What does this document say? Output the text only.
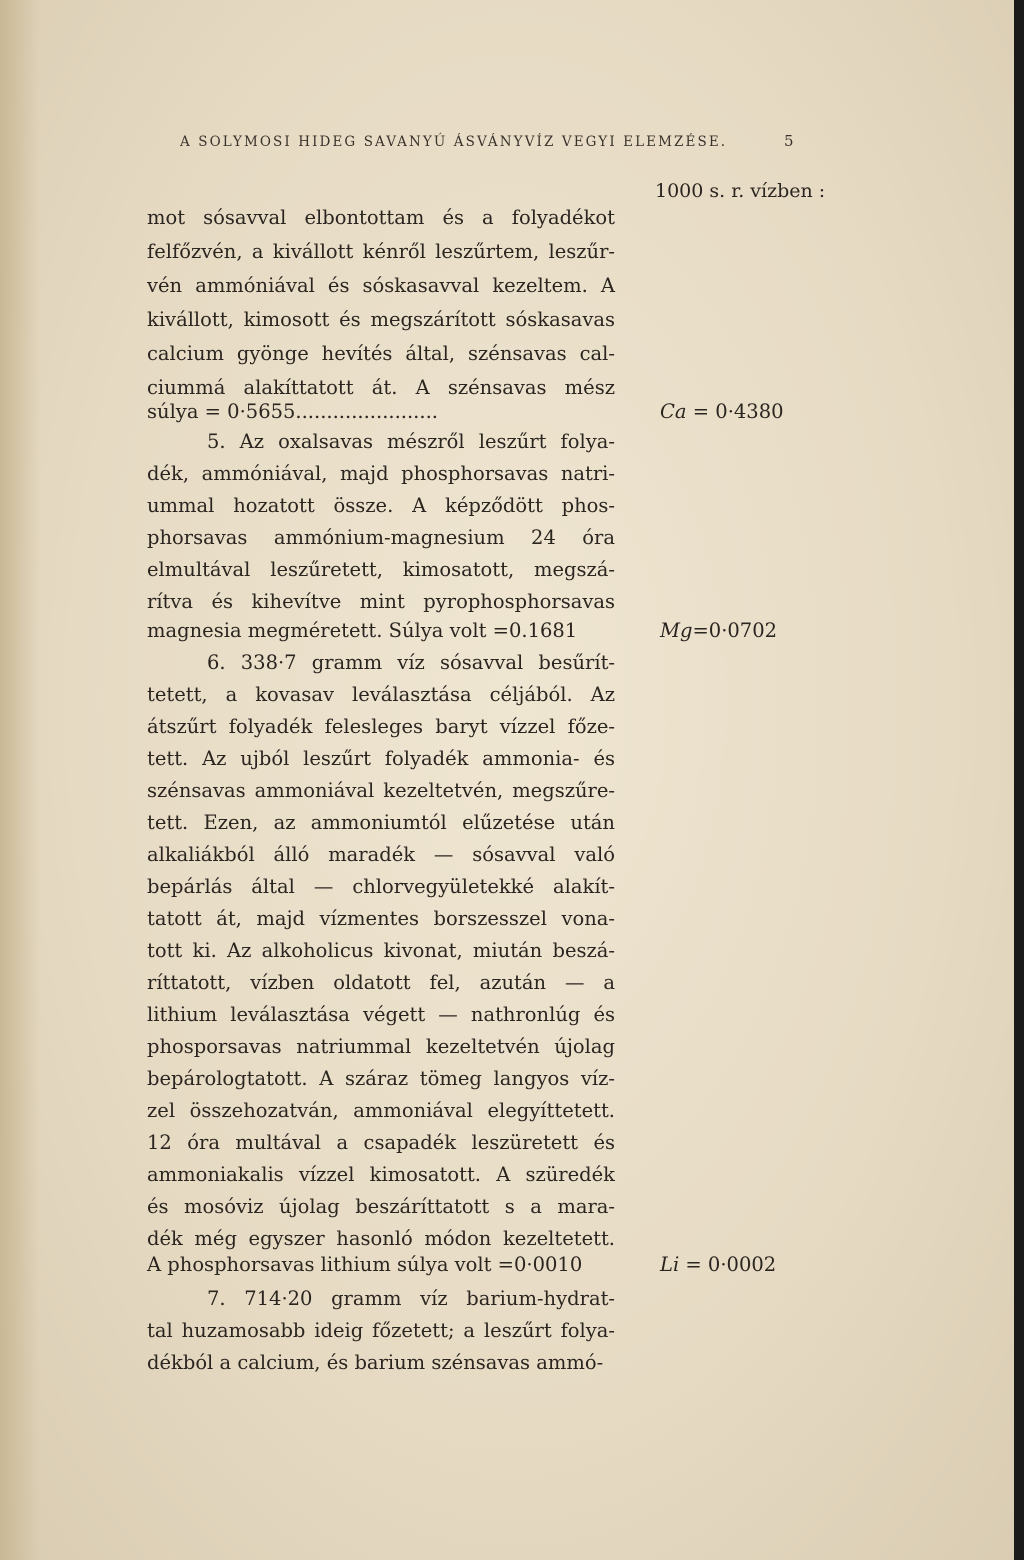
A SOLYMOSI HIDEG SAVANYÚ ÁSVÁNYVÍZ VEGYI ELEMZÉSE.	5
1000 s. r. vízben :
mot sósavval elbontottam és a folyadékot
felfőzvén, a kivállott kénről leszűrtem, leszűr-
vén ammóniával és sóskasavval kezeltem. A
kivállott, kimosott és megszárított sóskasavas
calcium gyönge hevítés által, szénsavas cal-
ciummá alakíttatott át. A szénsavas mész
súlya = 0·5655.......................
5. Az oxalsavas mészről leszűrt folya-
dék, ammóniával, majd phosphorsavas natri-
ummal hozatott össze. A képződött phos-
phorsavas ammónium-magnesium 24 óra
elmultával leszűretett, kimosatott, megszá-
rítva és kihevítve mint pyrophosphorsavas
magnesia megméretett. Súlya volt =0.1681
6. 338·7 gramm víz sósavval besűrít-
tetett, a kovasav leválasztása céljából. Az
átszűrt folyadék felesleges baryt vízzel főze-
tett. Az ujból leszűrt folyadék ammonia- és
szénsavas ammoniával kezeltetvén, megszűre-
tett. Ezen, az ammoniumtól elűzetése után
alkaliákból álló maradék — sósavval való
bepárlás által — chlorvegyületekké alakít-
tatott át, majd vízmentes borszesszel vona-
tott ki. Az alkoholicus kivonat, miután beszá-
ríttatott, vízben oldatott fel, azután — a
lithium leválasztása végett — nathronlúg és
phosporsavas natriummal kezeltetvén újolag
bepárologtatott. A száraz tömeg langyos víz-
zel összehozatván, ammoniával elegyíttetett.
12 óra multával a csapadék leszüretett és
ammoniakalis vízzel kimosatott. A szüredék
és mosóviz újolag beszáríttatott s a mara-
dék még egyszer hasonló módon kezeltetett.
A phosphorsavas lithium súlya volt =0·0010
7. 714·20 gramm víz barium-hydrat-
tal huzamosabb ideig főzetett; a leszűrt folya-
dékból a calcium, és barium szénsavas ammó-
Ca = 0·4380
Mg=0·0702
Li = 0·0002
